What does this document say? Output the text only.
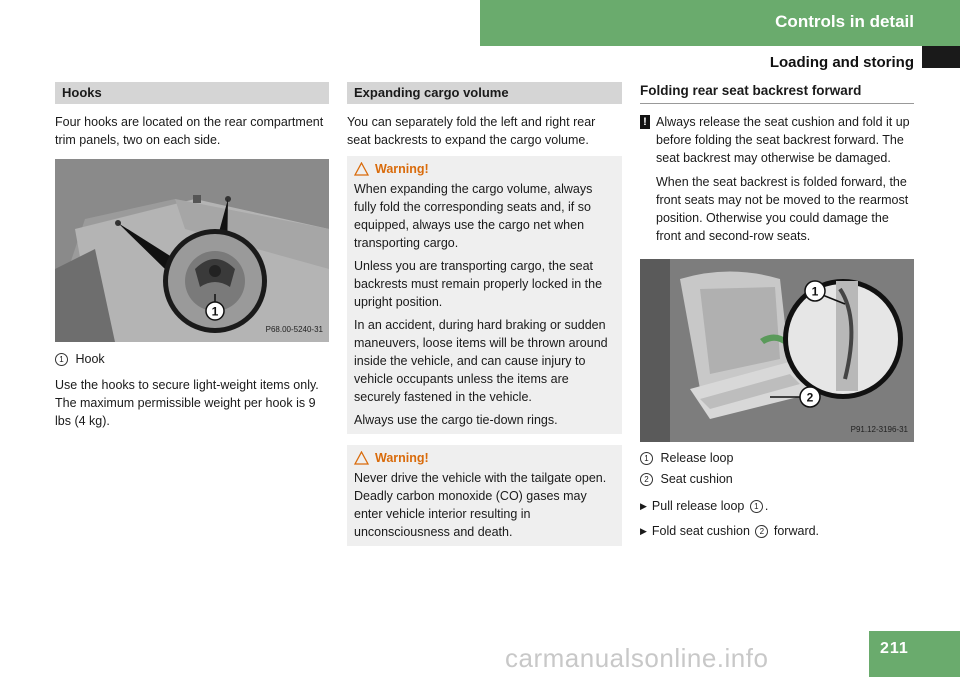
Controls in detail
Loading and storing
Hooks

Four hooks are located on the rear compartment trim panels, two on each side.

1
P68.00-5240-31
1 Hook

Use the hooks to secure light-weight items only. The maximum permissible weight per hook is 9 lbs (4 kg).

Expanding cargo volume

You can separately fold the left and right rear seat backrests to expand the cargo volume.

Warning!

When expanding the cargo volume, always fully fold the corresponding seats and, if so equipped, always use the cargo net when transporting cargo.

Unless you are transporting cargo, the seat backrests must remain properly locked in the upright position.

In an accident, during hard braking or sudden maneuvers, loose items will be thrown around inside the vehicle, and can cause injury to vehicle occupants unless the items are securely fastened in the vehicle.

Always use the cargo tie-down rings.

Warning!

Never drive the vehicle with the tailgate open. Deadly carbon monoxide (CO) gases may enter vehicle interior resulting in unconsciousness and death.

Folding rear seat backrest forward
! Always release the seat cushion and fold it up before folding the seat backrest forward. The seat backrest may otherwise be damaged.

When the seat backrest is folded forward, the front seats may not be moved to the rearmost position. Otherwise you could damage the front and second-row seats.

1
2
P91.12-3196-31
1 Release loop
2 Seat cushion
▶ Pull release loop 1 .
▶ Fold seat cushion 2 forward.
carmanualsonline.info	211
